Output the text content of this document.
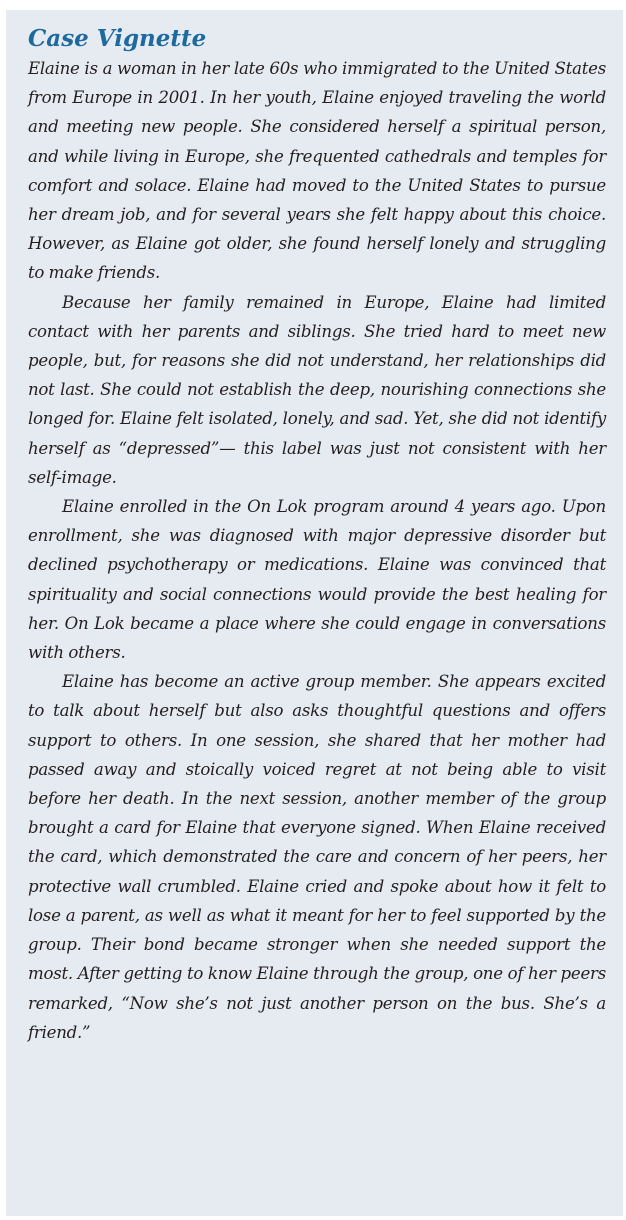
Case Vignette

Elaine is a woman in her late 60s who immigrated to the United States from Europe in 2001. In her youth, Elaine enjoyed traveling the world and meeting new people. She considered herself a spiritual person, and while living in Europe, she frequented cathedrals and temples for comfort and solace. Elaine had moved to the United States to pursue her dream job, and for several years she felt happy about this choice. However, as Elaine got older, she found herself lonely and struggling to make friends.

Because her family remained in Europe, Elaine had limited contact with her parents and siblings. She tried hard to meet new people, but, for reasons she did not understand, her relationships did not last. She could not establish the deep, nourishing connections she longed for. Elaine felt isolated, lonely, and sad. Yet, she did not identify herself as “depressed”— this label was just not consistent with her self-image.

Elaine enrolled in the On Lok program around 4 years ago. Upon enrollment, she was diagnosed with major depressive disorder but declined psychotherapy or medications. Elaine was convinced that spirituality and social connections would provide the best healing for her. On Lok became a place where she could engage in conversations with others.

Elaine has become an active group member. She appears excited to talk about herself but also asks thoughtful questions and offers support to others. In one session, she shared that her mother had passed away and stoically voiced regret at not being able to visit before her death. In the next session, another member of the group brought a card for Elaine that everyone signed. When Elaine received the card, which demonstrated the care and concern of her peers, her protective wall crumbled. Elaine cried and spoke about how it felt to lose a parent, as well as what it meant for her to feel supported by the group. Their bond became stronger when she needed support the most. After getting to know Elaine through the group, one of her peers remarked, “Now she’s not just another person on the bus. She’s a friend.”
